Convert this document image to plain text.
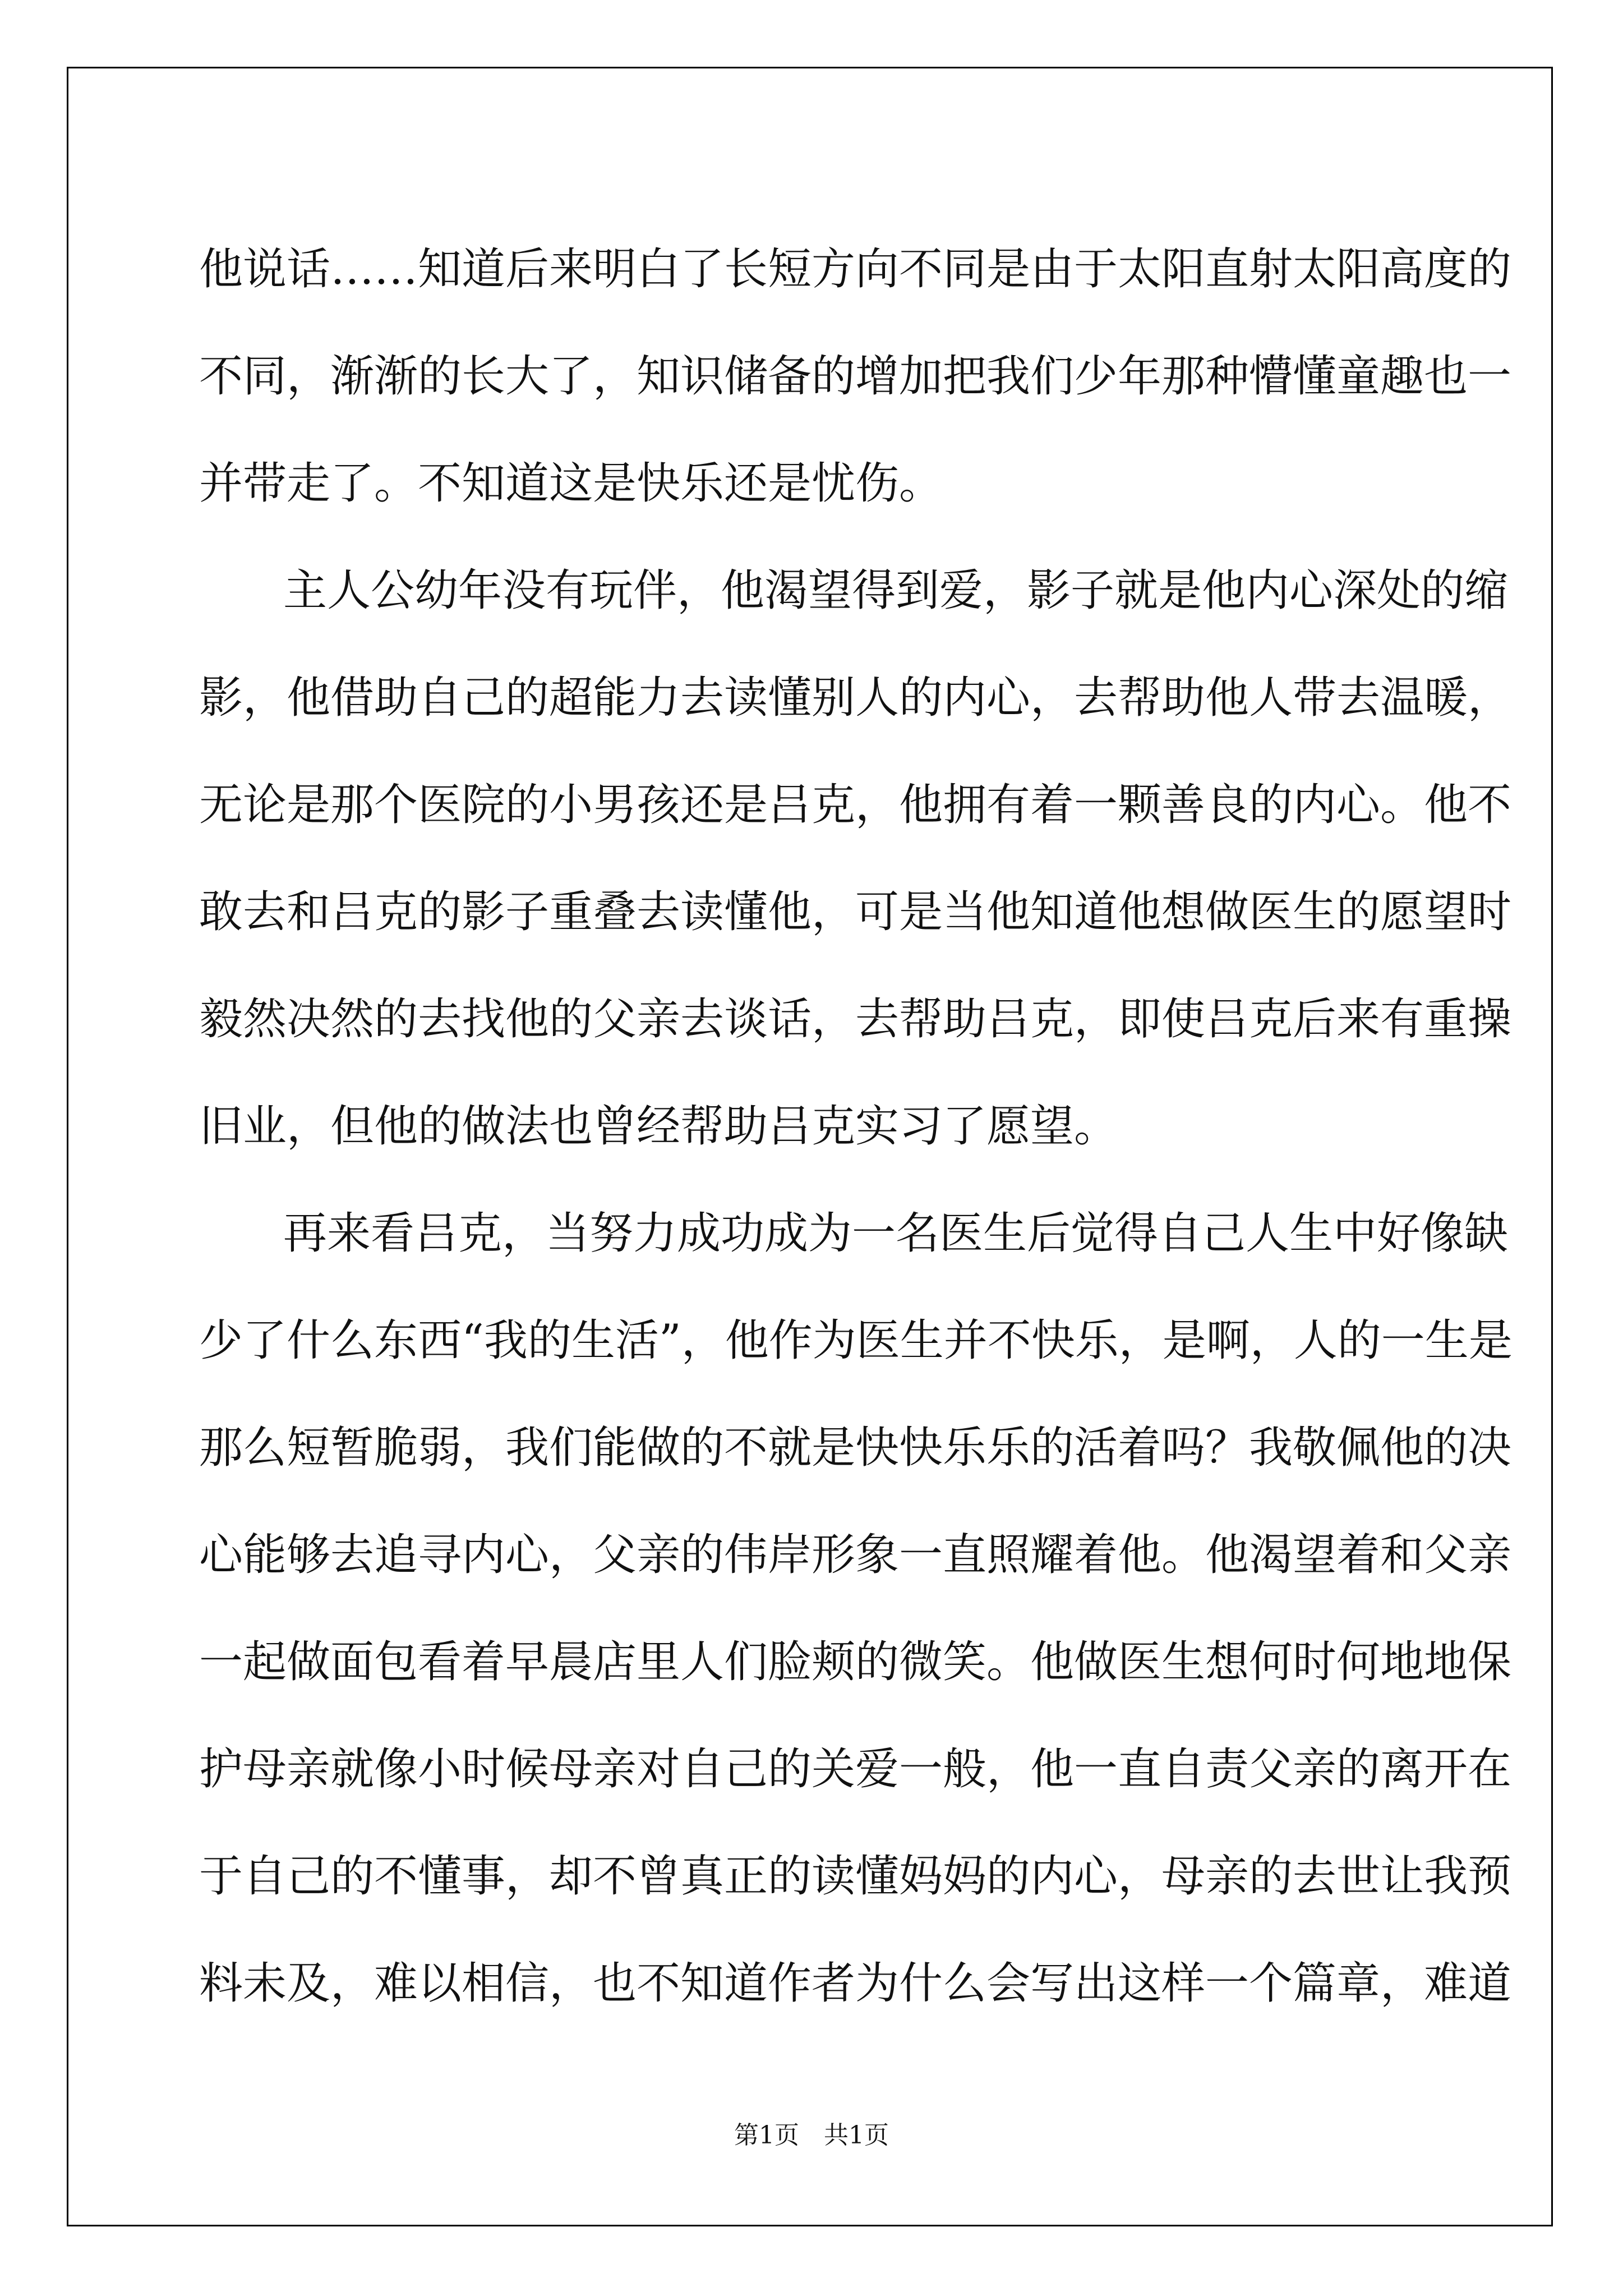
他说话……知道后来明白了长短方向不同是由于太阳直射太阳高度的
不同，渐渐的长大了，知识储备的增加把我们少年那种懵懂童趣也一
并带走了。不知道这是快乐还是忧伤。
主人公幼年没有玩伴，他渴望得到爱，影子就是他内心深处的缩
影，他借助自己的超能力去读懂别人的内心，去帮助他人带去温暖，
无论是那个医院的小男孩还是吕克，他拥有着一颗善良的内心。他不
敢去和吕克的影子重叠去读懂他，可是当他知道他想做医生的愿望时
毅然决然的去找他的父亲去谈话，去帮助吕克，即使吕克后来有重操
旧业，但他的做法也曾经帮助吕克实习了愿望。
再来看吕克，当努力成功成为一名医生后觉得自己人生中好像缺
少了什么东西“我的生活”，他作为医生并不快乐，是啊，人的一生是
那么短暂脆弱，我们能做的不就是快快乐乐的活着吗？我敬佩他的决
心能够去追寻内心，父亲的伟岸形象一直照耀着他。他渴望着和父亲
一起做面包看着早晨店里人们脸颊的微笑。他做医生想何时何地地保
护母亲就像小时候母亲对自己的关爱一般，他一直自责父亲的离开在
于自己的不懂事，却不曾真正的读懂妈妈的内心，母亲的去世让我预
料未及，难以相信，也不知道作者为什么会写出这样一个篇章，难道
第1页 共1页
